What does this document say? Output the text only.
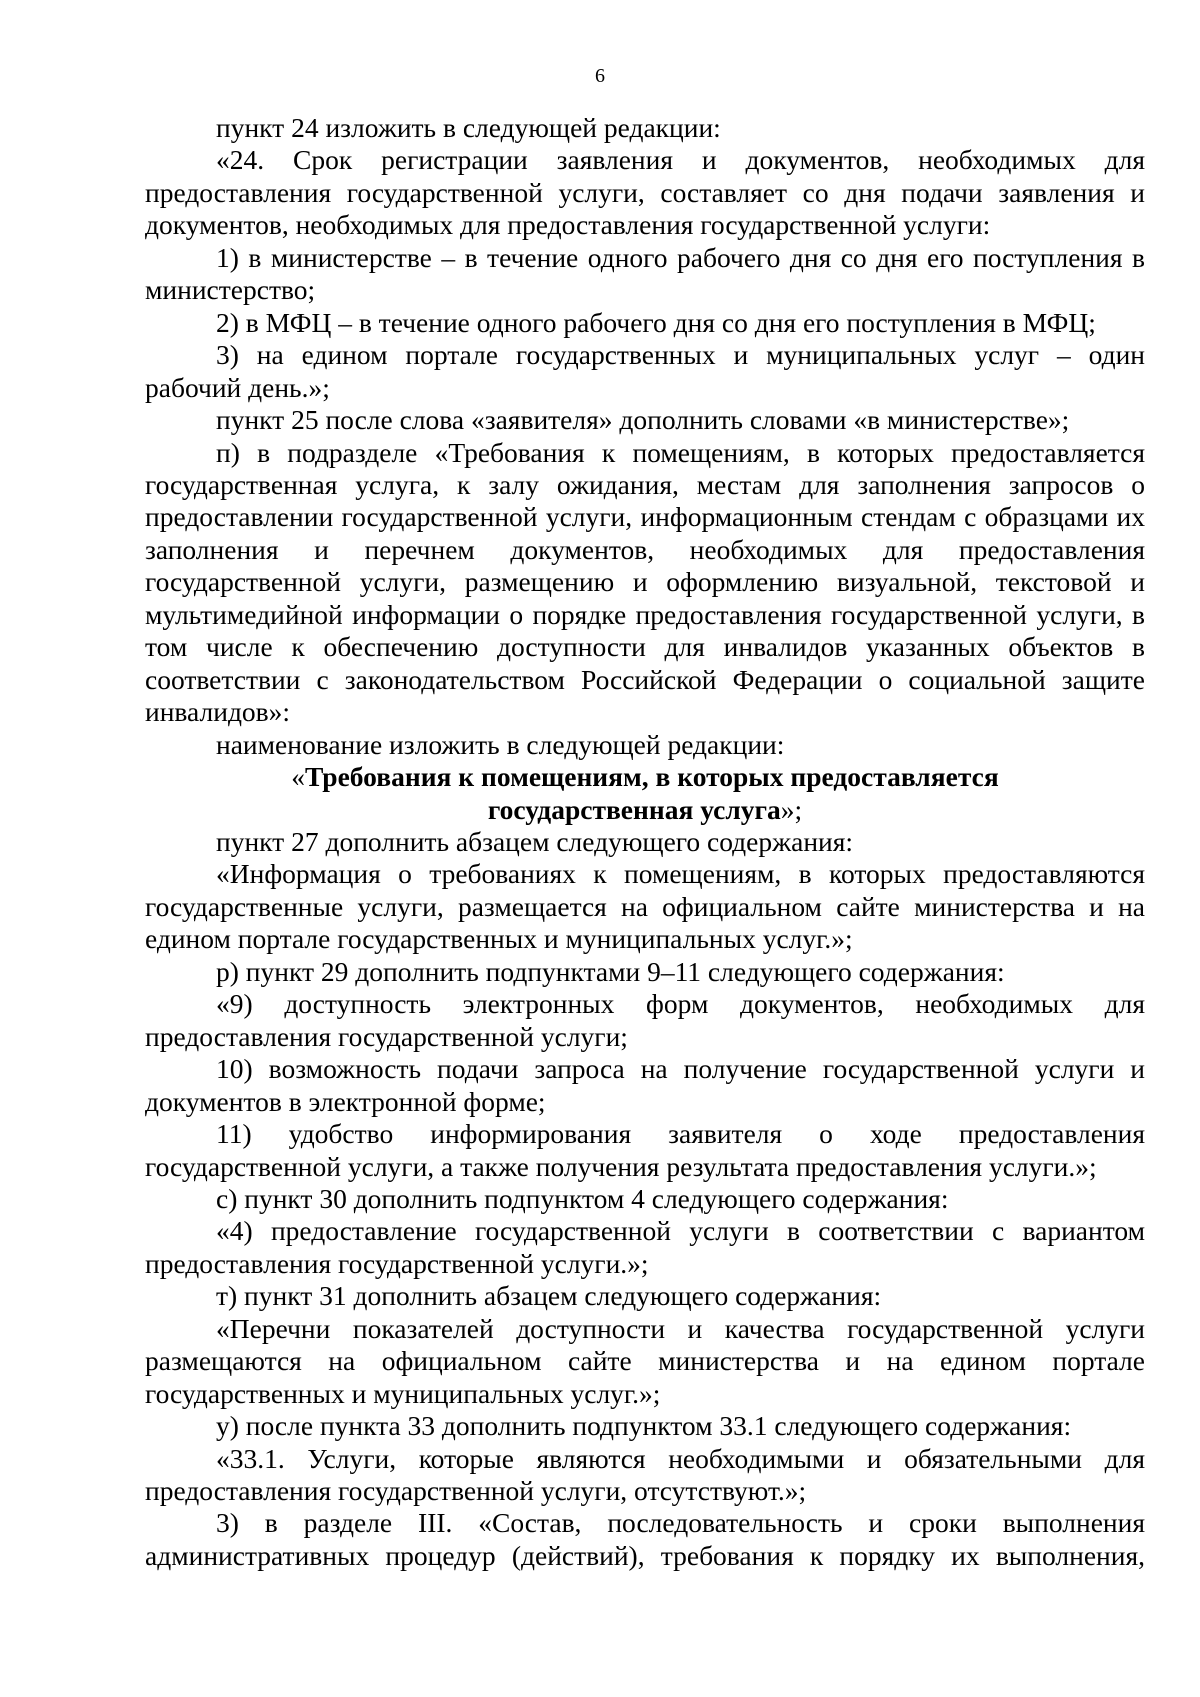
6

пункт 24 изложить в следующей редакции:

«24. Срок регистрации заявления и документов, необходимых для предоставления государственной услуги, составляет со дня подачи заявления и документов, необходимых для предоставления государственной услуги:

1) в министерстве – в течение одного рабочего дня со дня его поступления в министерство;

2) в МФЦ – в течение одного рабочего дня со дня его поступления в МФЦ;

3) на едином портале государственных и муниципальных услуг – один рабочий день.»;

пункт 25 после слова «заявителя» дополнить словами «в министерстве»;

п) в подразделе «Требования к помещениям, в которых предоставляется государственная услуга, к залу ожидания, местам для заполнения запросов о предоставлении государственной услуги, информационным стендам с образцами их заполнения и перечнем документов, необходимых для предоставления государственной услуги, размещению и оформлению визуальной, текстовой и мультимедийной информации о порядке предоставления государственной услуги, в том числе к обеспечению доступности для инвалидов указанных объектов в соответствии с законодательством Российской Федерации о социальной защите инвалидов»:

наименование изложить в следующей редакции:

«Требования к помещениям, в которых предоставляется
государственная услуга»;

пункт 27 дополнить абзацем следующего содержания:

«Информация о требованиях к помещениям, в которых предоставляются государственные услуги, размещается на официальном сайте министерства и на едином портале государственных и муниципальных услуг.»;

р) пункт 29 дополнить подпунктами 9–11 следующего содержания:

«9) доступность электронных форм документов, необходимых для предоставления государственной услуги;

10) возможность подачи запроса на получение государственной услуги и документов в электронной форме;

11) удобство информирования заявителя о ходе предоставления государственной услуги, а также получения результата предоставления услуги.»;

с) пункт 30 дополнить подпунктом 4 следующего содержания:

«4) предоставление государственной услуги в соответствии с вариантом предоставления государственной услуги.»;

т) пункт 31 дополнить абзацем следующего содержания:

«Перечни показателей доступности и качества государственной услуги размещаются на официальном сайте министерства и на едином портале государственных и муниципальных услуг.»;

у) после пункта 33 дополнить подпунктом 33.1 следующего содержания:

«33.1. Услуги, которые являются необходимыми и обязательными для предоставления государственной услуги, отсутствуют.»;

3) в разделе III. «Состав, последовательность и сроки выполнения административных процедур (действий), требования к порядку их выполнения,
